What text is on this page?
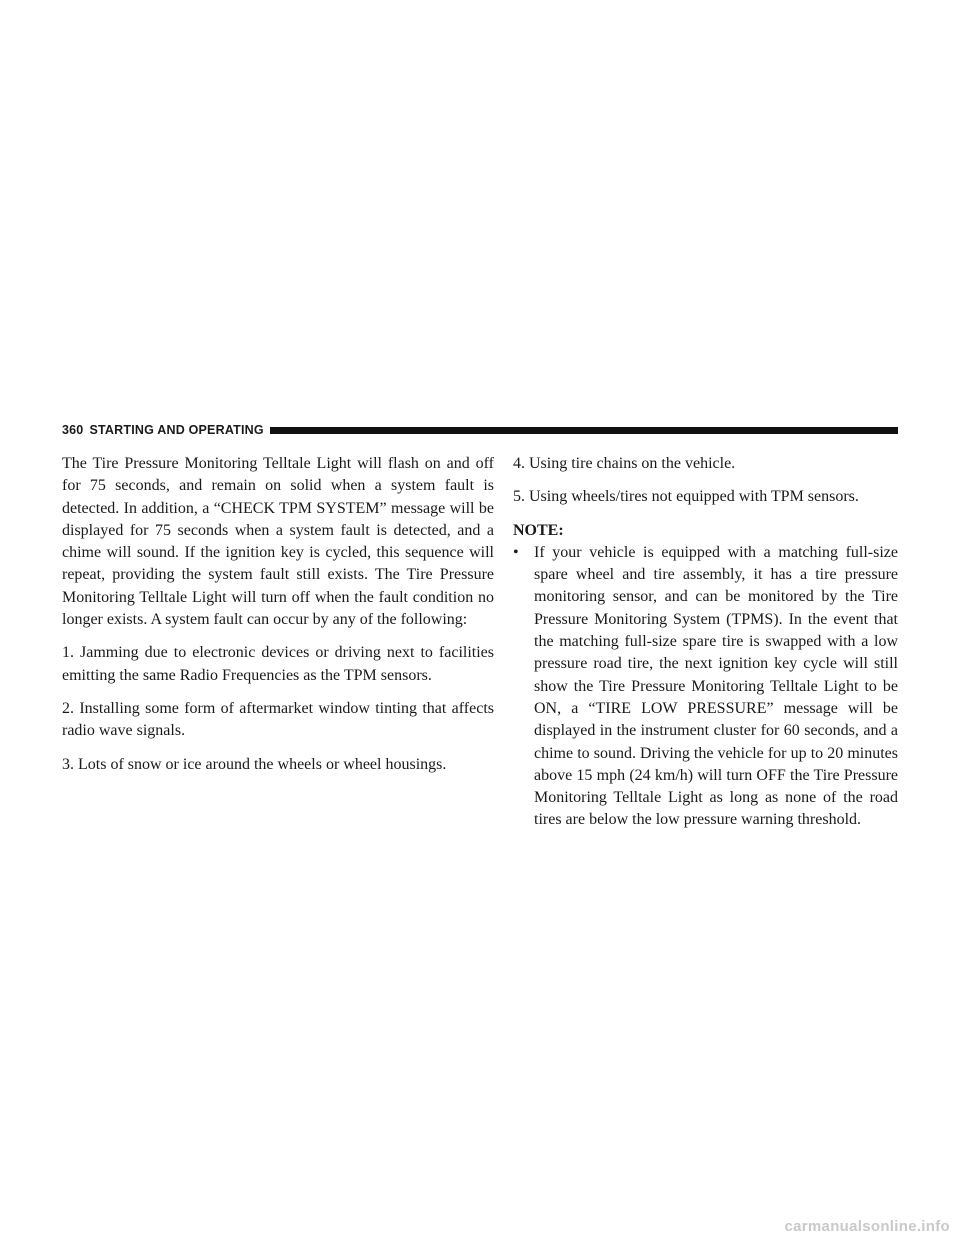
360 STARTING AND OPERATING

The Tire Pressure Monitoring Telltale Light will flash on and off for 75 seconds, and remain on solid when a system fault is detected. In addition, a “CHECK TPM SYSTEM” message will be displayed for 75 seconds when a system fault is detected, and a chime will sound. If the ignition key is cycled, this sequence will repeat, providing the system fault still exists. The Tire Pressure Monitoring Telltale Light will turn off when the fault condition no longer exists. A system fault can occur by any of the following:

1. Jamming due to electronic devices or driving next to facilities emitting the same Radio Frequencies as the TPM sensors.

2. Installing some form of aftermarket window tinting that affects radio wave signals.

3. Lots of snow or ice around the wheels or wheel housings.

4. Using tire chains on the vehicle.

5. Using wheels/tires not equipped with TPM sensors.

NOTE:
• If your vehicle is equipped with a matching full-size spare wheel and tire assembly, it has a tire pressure monitoring sensor, and can be monitored by the Tire Pressure Monitoring System (TPMS). In the event that the matching full-size spare tire is swapped with a low pressure road tire, the next ignition key cycle will still show the Tire Pressure Monitoring Telltale Light to be ON, a “TIRE LOW PRESSURE” message will be displayed in the instrument cluster for 60 seconds, and a chime to sound. Driving the vehicle for up to 20 minutes above 15 mph (24 km/h) will turn OFF the Tire Pressure Monitoring Telltale Light as long as none of the road tires are below the low pressure warning threshold.
carmanualsonline.info
